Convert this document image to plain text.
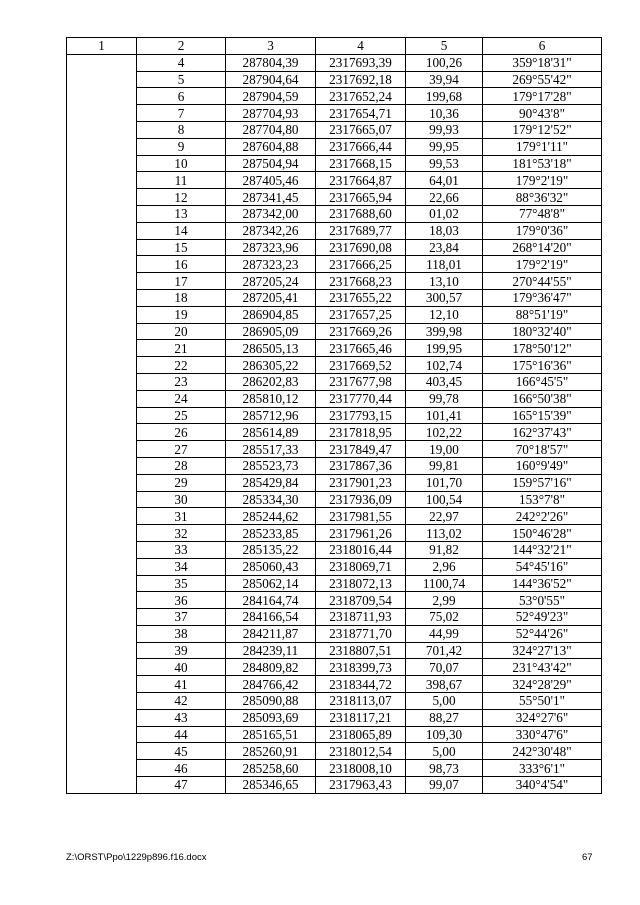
1	2	3	4	5	6
	4	287804,39	2317693,39	100,26	359°18'31"
	5	287904,64	2317692,18	39,94	269°55'42"
	6	287904,59	2317652,24	199,68	179°17'28"
	7	287704,93	2317654,71	10,36	90°43'8"
	8	287704,80	2317665,07	99,93	179°12'52"
	9	287604,88	2317666,44	99,95	179°1'11"
	10	287504,94	2317668,15	99,53	181°53'18"
	11	287405,46	2317664,87	64,01	179°2'19"
	12	287341,45	2317665,94	22,66	88°36'32"
	13	287342,00	2317688,60	01,02	77°48'8"
	14	287342,26	2317689,77	18,03	179°0'36"
	15	287323,96	2317690,08	23,84	268°14'20"
	16	287323,23	2317666,25	118,01	179°2'19"
	17	287205,24	2317668,23	13,10	270°44'55"
	18	287205,41	2317655,22	300,57	179°36'47"
	19	286904,85	2317657,25	12,10	88°51'19"
	20	286905,09	2317669,26	399,98	180°32'40"
	21	286505,13	2317665,46	199,95	178°50'12"
	22	286305,22	2317669,52	102,74	175°16'36"
	23	286202,83	2317677,98	403,45	166°45'5"
	24	285810,12	2317770,44	99,78	166°50'38"
	25	285712,96	2317793,15	101,41	165°15'39"
	26	285614,89	2317818,95	102,22	162°37'43"
	27	285517,33	2317849,47	19,00	70°18'57"
	28	285523,73	2317867,36	99,81	160°9'49"
	29	285429,84	2317901,23	101,70	159°57'16"
	30	285334,30	2317936,09	100,54	153°7'8"
	31	285244,62	2317981,55	22,97	242°2'26"
	32	285233,85	2317961,26	113,02	150°46'28"
	33	285135,22	2318016,44	91,82	144°32'21"
	34	285060,43	2318069,71	2,96	54°45'16"
	35	285062,14	2318072,13	1100,74	144°36'52"
	36	284164,74	2318709,54	2,99	53°0'55"
	37	284166,54	2318711,93	75,02	52°49'23"
	38	284211,87	2318771,70	44,99	52°44'26"
	39	284239,11	2318807,51	701,42	324°27'13"
	40	284809,82	2318399,73	70,07	231°43'42"
	41	284766,42	2318344,72	398,67	324°28'29"
	42	285090,88	2318113,07	5,00	55°50'1"
	43	285093,69	2318117,21	88,27	324°27'6"
	44	285165,51	2318065,89	109,30	330°47'6"
	45	285260,91	2318012,54	5,00	242°30'48"
	46	285258,60	2318008,10	98,73	333°6'1"
	47	285346,65	2317963,43	99,07	340°4'54"
Z:\ORST\Ppo\1229p896.f16.docx	67
